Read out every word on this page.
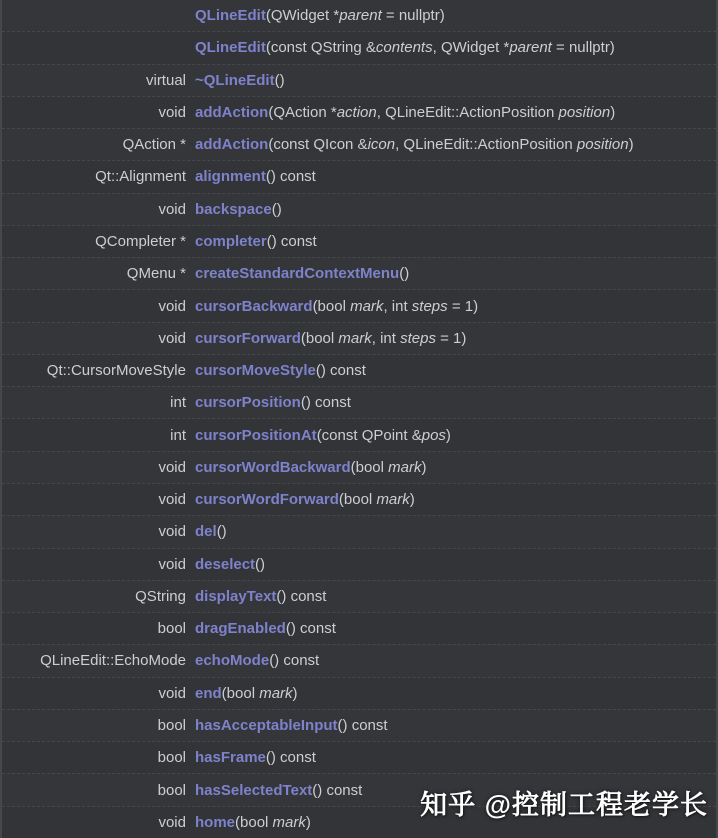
QLineEdit(QWidget *parent = nullptr)
QLineEdit(const QString &contents, QWidget *parent = nullptr)
virtual ~QLineEdit()
void addAction(QAction *action, QLineEdit::ActionPosition position)
QAction * addAction(const QIcon &icon, QLineEdit::ActionPosition position)
Qt::Alignment alignment() const
void backspace()
QCompleter * completer() const
QMenu * createStandardContextMenu()
void cursorBackward(bool mark, int steps = 1)
void cursorForward(bool mark, int steps = 1)
Qt::CursorMoveStyle cursorMoveStyle() const
int cursorPosition() const
int cursorPositionAt(const QPoint &pos)
void cursorWordBackward(bool mark)
void cursorWordForward(bool mark)
void del()
void deselect()
QString displayText() const
bool dragEnabled() const
QLineEdit::EchoMode echoMode() const
void end(bool mark)
bool hasAcceptableInput() const
bool hasFrame() const
bool hasSelectedText() const
void home(bool mark)
知乎 @控制工程老学长
